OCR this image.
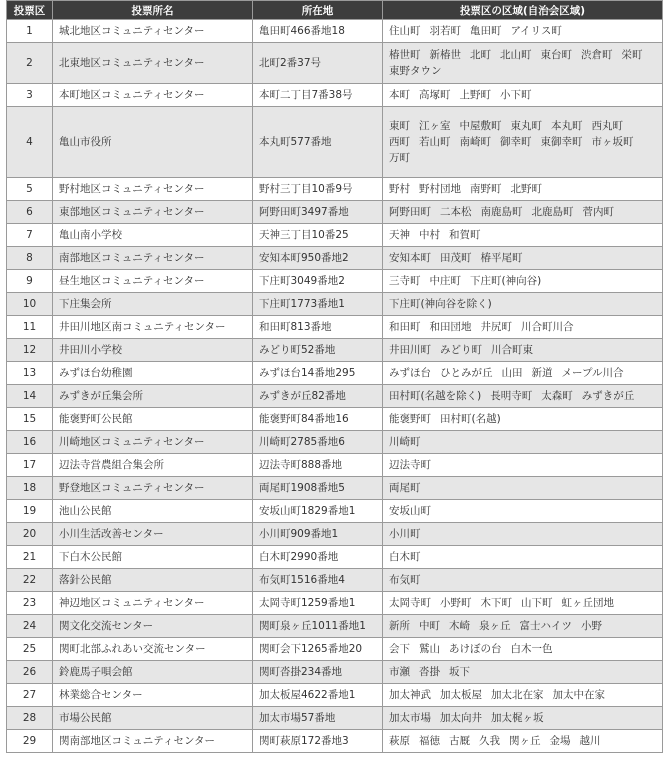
投票区	投票所名	所在地	投票区の区域(自治会区域)
1	城北地区コミュニティセンター	亀田町466番地18	住山町 羽若町 亀田町 アイリス町
2	北東地区コミュニティセンター	北町2番37号	椿世町 新椿世 北町 北山町 東台町 渋倉町 栄町東野タウン
3	本町地区コミュニティセンター	本町二丁目7番38号	本町 高塚町 上野町 小下町
4	亀山市役所	本丸町577番地	東町 江ヶ室 中屋敷町 東丸町 本丸町 西丸町西町 若山町 南崎町 御幸町 東御幸町 市ヶ坂町万町
5	野村地区コミュニティセンター	野村三丁目10番9号	野村 野村団地 南野町 北野町
6	東部地区コミュニティセンター	阿野田町3497番地	阿野田町 二本松 南鹿島町 北鹿島町 菅内町
7	亀山南小学校	天神三丁目10番25	天神 中村 和賀町
8	南部地区コミュニティセンター	安知本町950番地2	安知本町 田茂町 椿平尾町
9	昼生地区コミュニティセンター	下庄町3049番地2	三寺町 中庄町 下庄町(神向谷)
10	下庄集会所	下庄町1773番地1	下庄町(神向谷を除く)
11	井田川地区南コミュニティセンター	和田町813番地	和田町 和田団地 井尻町 川合町川合
12	井田川小学校	みどり町52番地	井田川町 みどり町 川合町東
13	みずほ台幼稚園	みずほ台14番地295	みずほ台 ひとみが丘 山田 新道 メープル川合
14	みずきが丘集会所	みずきが丘82番地	田村町(名越を除く) 長明寺町 太森町 みずきが丘
15	能褒野町公民館	能褒野町84番地16	能褒野町 田村町(名越)
16	川崎地区コミュニティセンター	川崎町2785番地6	川崎町
17	辺法寺営農組合集会所	辺法寺町888番地	辺法寺町
18	野登地区コミュニティセンター	両尾町1908番地5	両尾町
19	池山公民館	安坂山町1829番地1	安坂山町
20	小川生活改善センター	小川町909番地1	小川町
21	下白木公民館	白木町2990番地	白木町
22	落針公民館	布気町1516番地4	布気町
23	神辺地区コミュニティセンター	太岡寺町1259番地1	太岡寺町 小野町 木下町 山下町 虹ヶ丘団地
24	関文化交流センター	関町泉ヶ丘1011番地1	新所 中町 木崎 泉ヶ丘 富士ハイツ 小野
25	関町北部ふれあい交流センター	関町会下1265番地20	会下 鷲山 あけぼの台 白木一色
26	鈴鹿馬子唄会館	関町沓掛234番地	市瀬 沓掛 坂下
27	林業総合センター	加太板屋4622番地1	加太神武 加太板屋 加太北在家 加太中在家
28	市場公民館	加太市場57番地	加太市場 加太向井 加太梶ヶ坂
29	関南部地区コミュニティセンター	関町萩原172番地3	萩原 福徳 古厩 久我 関ヶ丘 金場 越川
